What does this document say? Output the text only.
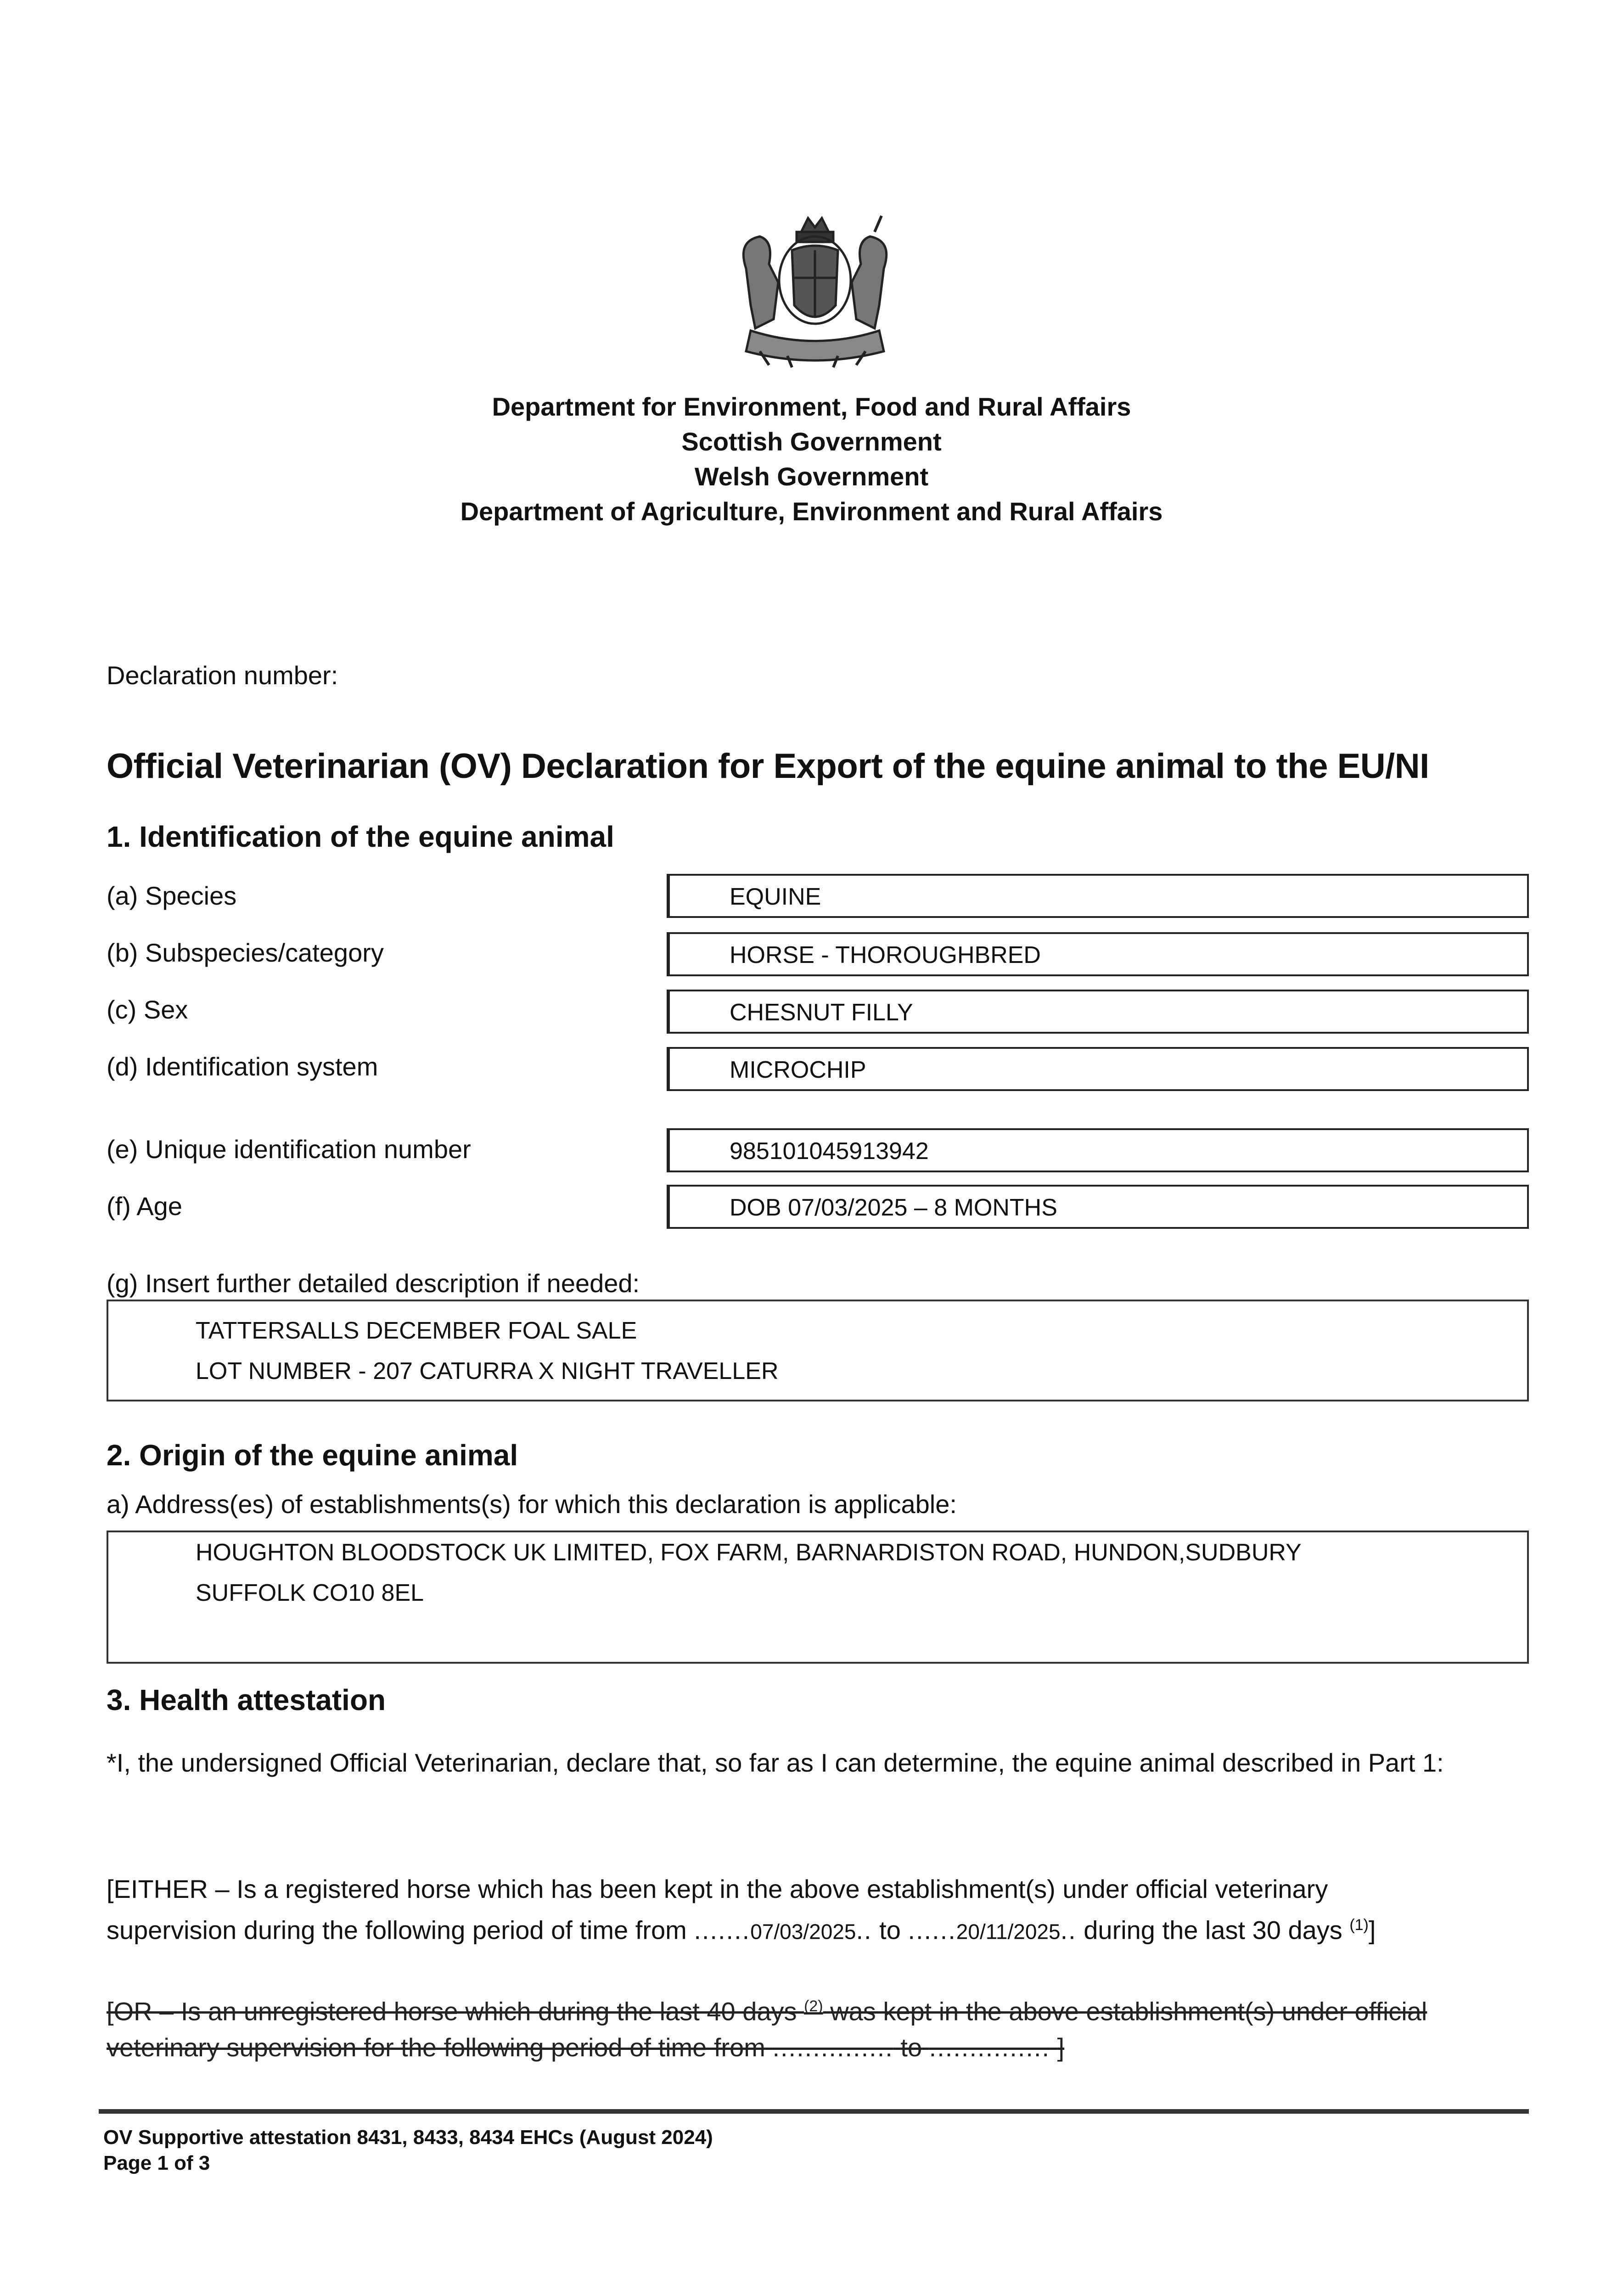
Department for Environment, Food and Rural Affairs
Scottish Government
Welsh Government
Department of Agriculture, Environment and Rural Affairs
Declaration number:
Official Veterinarian (OV) Declaration for Export of the equine animal to the EU/NI
1. Identification of the equine animal
(a) Species	EQUINE
(b) Subspecies/category	HORSE - THOROUGHBRED
(c) Sex	CHESNUT FILLY
(d) Identification system	MICROCHIP
(e) Unique identification number	985101045913942
(f) Age	DOB 07/03/2025 – 8 MONTHS
(g) Insert further detailed description if needed:
TATTERSALLS DECEMBER FOAL SALE
LOT NUMBER - 207 CATURRA X NIGHT TRAVELLER
2. Origin of the equine animal
a) Address(es) of establishments(s) for which this declaration is applicable:
HOUGHTON BLOODSTOCK UK LIMITED, FOX FARM, BARNARDISTON ROAD, HUNDON,SUDBURY
SUFFOLK CO10 8EL
3. Health attestation
*I, the undersigned Official Veterinarian, declare that, so far as I can determine, the equine animal described in Part 1:
[EITHER – Is a registered horse which has been kept in the above establishment(s) under official veterinary
supervision during the following period of time from .......07/03/2025.. to ......20/11/2025.. during the last 30 days $^{(1)}$]
[OR – Is an unregistered horse which during the last 40 days $^{(2)}$ was kept in the above establishment(s) under official
veterinary supervision for the following period of time from ............... to ............... ]
OV Supportive attestation 8431, 8433, 8434 EHCs (August 2024)
Page 1 of 3
